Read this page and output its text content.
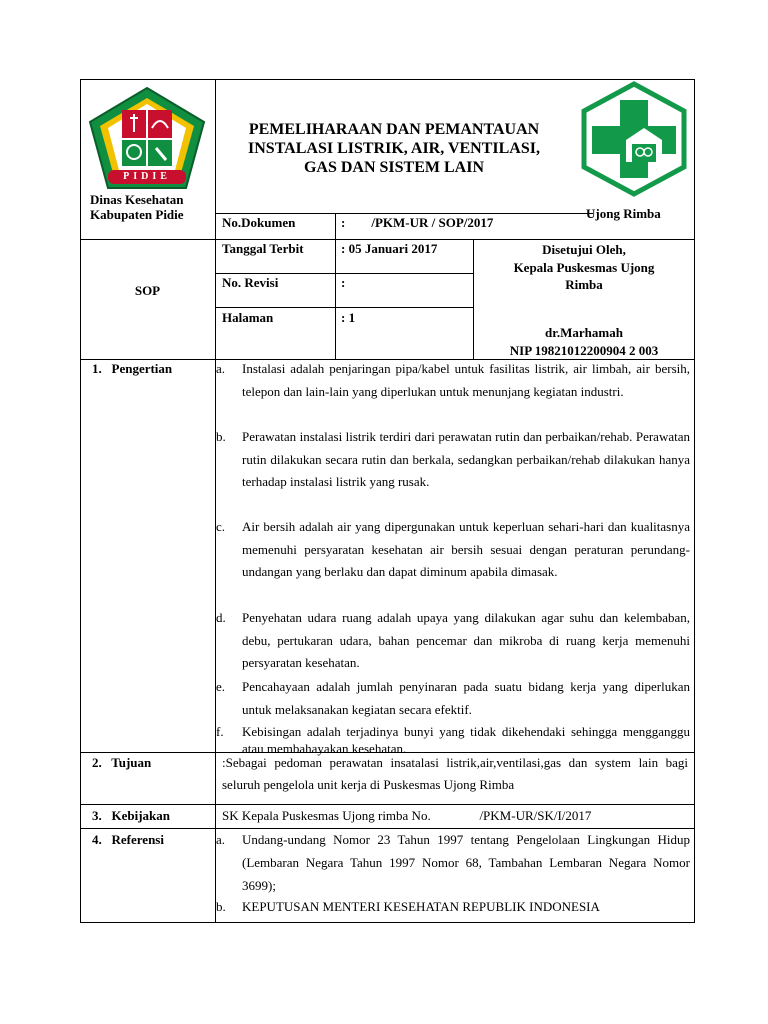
PIDIE
Dinas Kesehatan
Kabupaten Pidie
PEMELIHARAAN DAN PEMANTAUAN
INSTALASI LISTRIK, AIR, VENTILASI,
GAS DAN SISTEM LAIN
Ujong Rimba
No.Dokumen	:        /PKM-UR / SOP/2017
SOP
Tanggal Terbit	: 05 Januari 2017
No. Revisi	:
Halaman	: 1
Disetujui Oleh,
Kepala Puskesmas Ujong
Rimba
dr.Marhamah
NIP 19821012200904 2 003
1.   Pengertian	a.	Instalasi adalah penjaringan pipa/kabel untuk fasilitas listrik, air limbah, air bersih, telepon dan lain-lain yang diperlukan untuk menunjang kegiatan industri.
b.	Perawatan instalasi listrik terdiri dari perawatan rutin dan perbaikan/rehab. Perawatan rutin dilakukan secara rutin dan berkala, sedangkan perbaikan/rehab dilakukan hanya terhadap instalasi listrik yang rusak.
c.	Air bersih adalah air yang dipergunakan untuk keperluan sehari-hari dan kualitasnya memenuhi persyaratan kesehatan air bersih sesuai dengan peraturan perundang-undangan yang berlaku dan dapat diminum apabila dimasak.
d.	Penyehatan udara ruang adalah upaya yang dilakukan agar suhu dan kelembaban, debu, pertukaran udara, bahan pencemar dan mikroba di ruang kerja memenuhi persyaratan kesehatan.
e.	Pencahayaan adalah jumlah penyinaran pada suatu bidang kerja yang diperlukan untuk melaksanakan kegiatan secara efektif.
f.	Kebisingan adalah terjadinya bunyi yang tidak dikehendaki sehingga mengganggu atau membahayakan kesehatan.
2.   Tujuan	:Sebagai pedoman perawatan insatalasi listrik,air,ventilasi,gas dan system lain bagi seluruh pengelola unit kerja di Puskesmas Ujong Rimba
3.   Kebijakan	SK Kepala Puskesmas Ujong rimba No.               /PKM-UR/SK/I/2017
4.   Referensi	a.	Undang-undang Nomor 23 Tahun 1997 tentang Pengelolaan Lingkungan Hidup (Lembaran Negara Tahun 1997 Nomor 68, Tambahan Lembaran Negara Nomor 3699);
b.	KEPUTUSAN MENTERI KESEHATAN REPUBLIK INDONESIA
